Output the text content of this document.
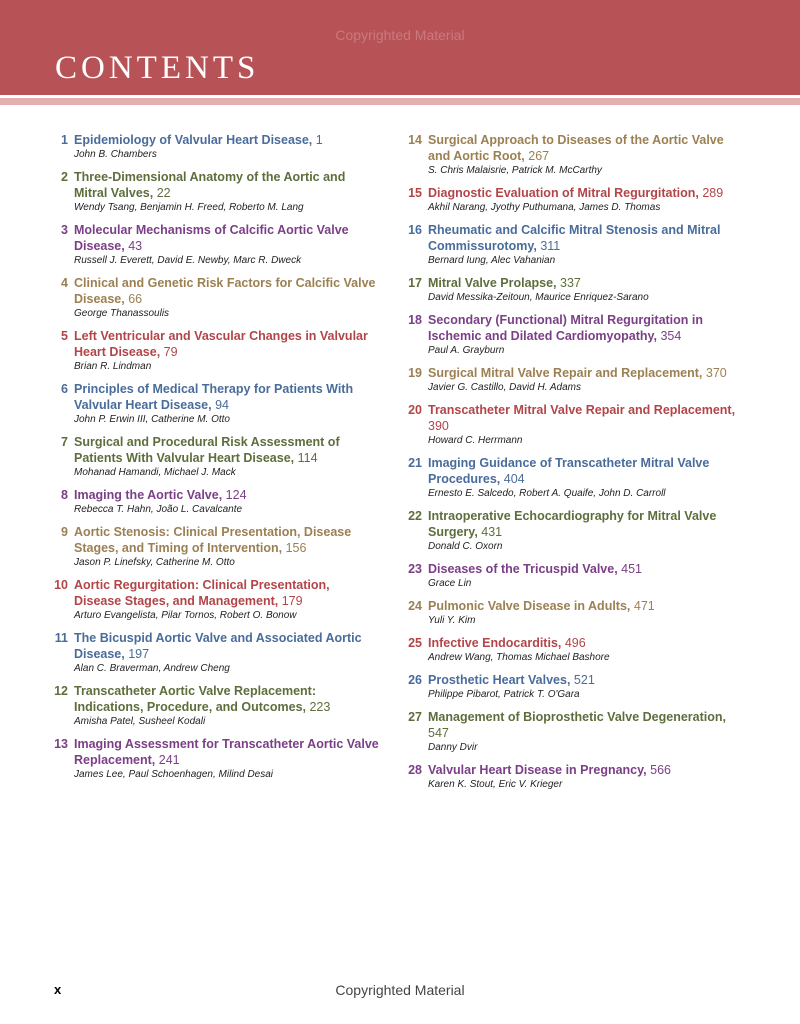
Copyrighted Material
CONTENTS
1 Epidemiology of Valvular Heart Disease, 1
John B. Chambers
2 Three-Dimensional Anatomy of the Aortic and Mitral Valves, 22
Wendy Tsang, Benjamin H. Freed, Roberto M. Lang
3 Molecular Mechanisms of Calcific Aortic Valve Disease, 43
Russell J. Everett, David E. Newby, Marc R. Dweck
4 Clinical and Genetic Risk Factors for Calcific Valve Disease, 66
George Thanassoulis
5 Left Ventricular and Vascular Changes in Valvular Heart Disease, 79
Brian R. Lindman
6 Principles of Medical Therapy for Patients With Valvular Heart Disease, 94
John P. Erwin III, Catherine M. Otto
7 Surgical and Procedural Risk Assessment of Patients With Valvular Heart Disease, 114
Mohanad Hamandi, Michael J. Mack
8 Imaging the Aortic Valve, 124
Rebecca T. Hahn, João L. Cavalcante
9 Aortic Stenosis: Clinical Presentation, Disease Stages, and Timing of Intervention, 156
Jason P. Linefsky, Catherine M. Otto
10 Aortic Regurgitation: Clinical Presentation, Disease Stages, and Management, 179
Arturo Evangelista, Pilar Tornos, Robert O. Bonow
11 The Bicuspid Aortic Valve and Associated Aortic Disease, 197
Alan C. Braverman, Andrew Cheng
12 Transcatheter Aortic Valve Replacement: Indications, Procedure, and Outcomes, 223
Amisha Patel, Susheel Kodali
13 Imaging Assessment for Transcatheter Aortic Valve Replacement, 241
James Lee, Paul Schoenhagen, Milind Desai
14 Surgical Approach to Diseases of the Aortic Valve and Aortic Root, 267
S. Chris Malaisrie, Patrick M. McCarthy
15 Diagnostic Evaluation of Mitral Regurgitation, 289
Akhil Narang, Jyothy Puthumana, James D. Thomas
16 Rheumatic and Calcific Mitral Stenosis and Mitral Commissurotomy, 311
Bernard Iung, Alec Vahanian
17 Mitral Valve Prolapse, 337
David Messika-Zeitoun, Maurice Enriquez-Sarano
18 Secondary (Functional) Mitral Regurgitation in Ischemic and Dilated Cardiomyopathy, 354
Paul A. Grayburn
19 Surgical Mitral Valve Repair and Replacement, 370
Javier G. Castillo, David H. Adams
20 Transcatheter Mitral Valve Repair and Replacement, 390
Howard C. Herrmann
21 Imaging Guidance of Transcatheter Mitral Valve Procedures, 404
Ernesto E. Salcedo, Robert A. Quaife, John D. Carroll
22 Intraoperative Echocardiography for Mitral Valve Surgery, 431
Donald C. Oxorn
23 Diseases of the Tricuspid Valve, 451
Grace Lin
24 Pulmonic Valve Disease in Adults, 471
Yuli Y. Kim
25 Infective Endocarditis, 496
Andrew Wang, Thomas Michael Bashore
26 Prosthetic Heart Valves, 521
Philippe Pibarot, Patrick T. O'Gara
27 Management of Bioprosthetic Valve Degeneration, 547
Danny Dvir
28 Valvular Heart Disease in Pregnancy, 566
Karen K. Stout, Eric V. Krieger
x	Copyrighted Material
